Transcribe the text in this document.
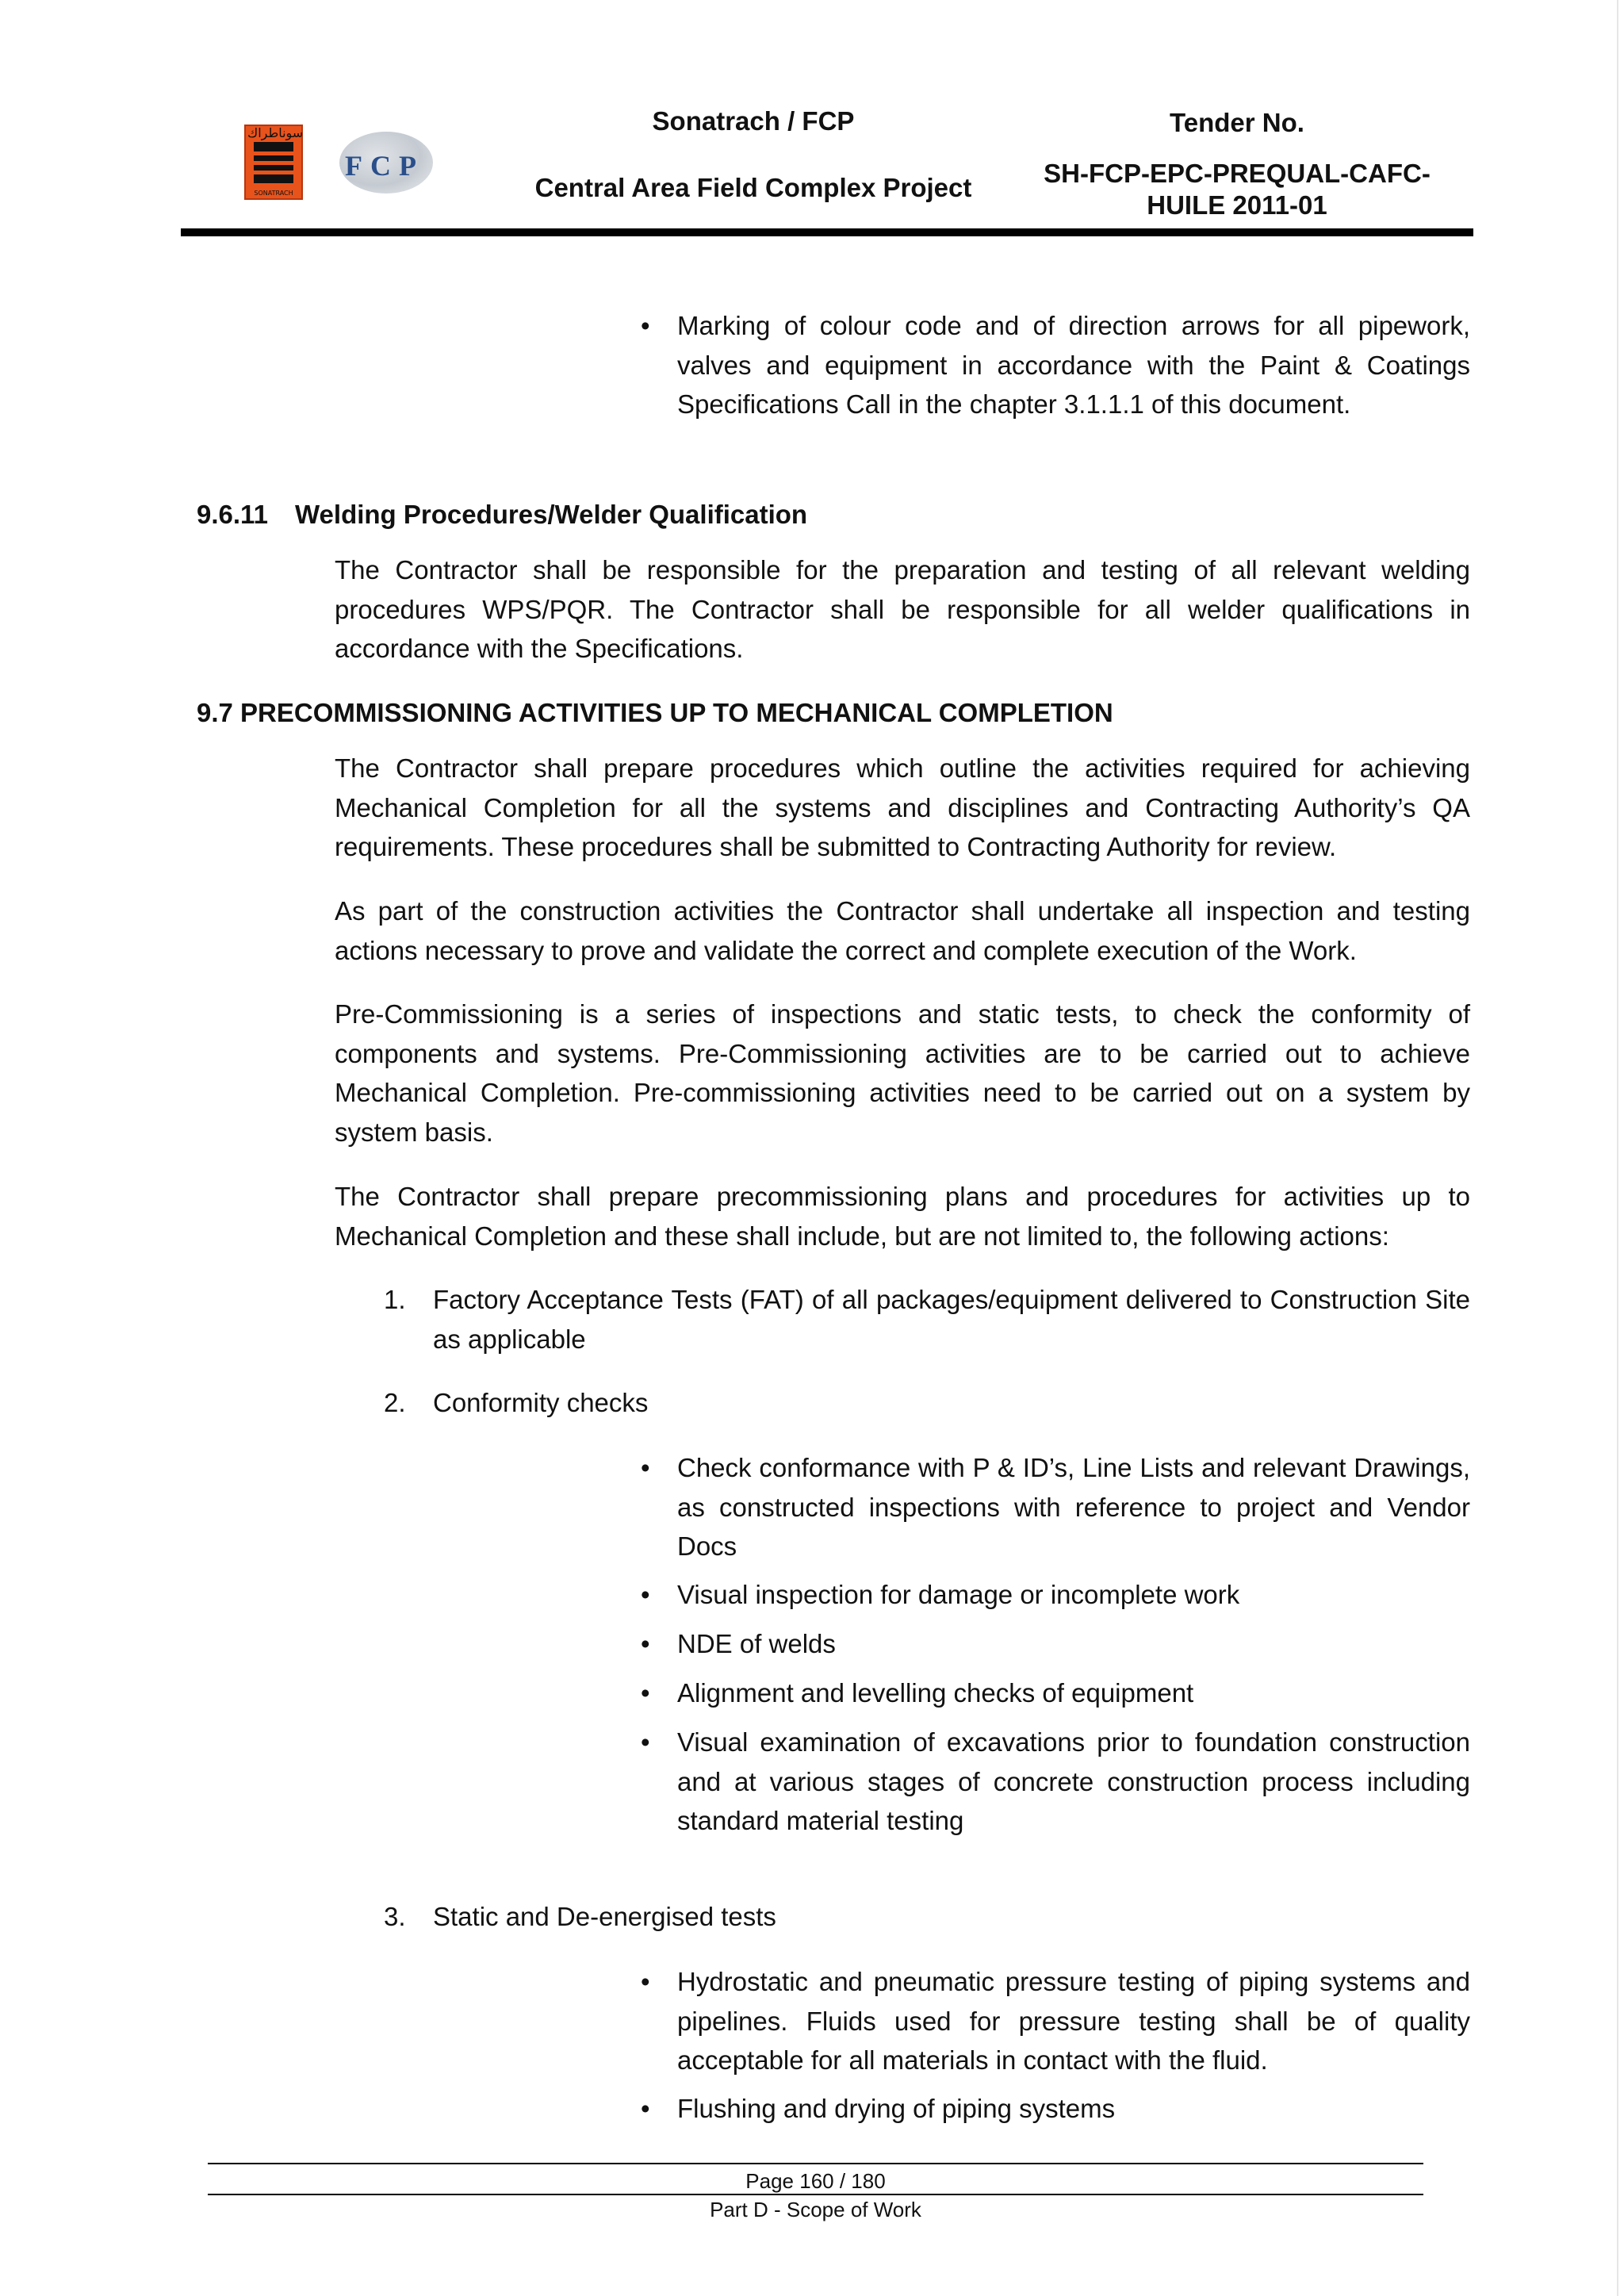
سوناطراك
SONATRACH
FCP
Sonatrach / FCP
Central Area Field Complex Project
Tender No.
SH-FCP-EPC-PREQUAL-CAFC-
HUILE 2011-01
• Marking of colour code and of direction arrows for all pipework, valves and equipment in accordance with the Paint & Coatings Specifications Call in the chapter 3.1.1.1 of this document.
9.6.11 Welding Procedures/Welder Qualification
The Contractor shall be responsible for the preparation and testing of all relevant welding procedures WPS/PQR. The Contractor shall be responsible for all welder qualifications in accordance with the Specifications.
9.7 PRECOMMISSIONING ACTIVITIES UP TO MECHANICAL COMPLETION
The Contractor shall prepare procedures which outline the activities required for achieving Mechanical Completion for all the systems and disciplines and Contracting Authority’s QA requirements. These procedures shall be submitted to Contracting Authority for review.
As part of the construction activities the Contractor shall undertake all inspection and testing actions necessary to prove and validate the correct and complete execution of the Work.
Pre-Commissioning is a series of inspections and static tests, to check the conformity of components and systems. Pre-Commissioning activities are to be carried out to achieve Mechanical Completion. Pre-commissioning activities need to be carried out on a system by system basis.
The Contractor shall prepare precommissioning plans and procedures for activities up to Mechanical Completion and these shall include, but are not limited to, the following actions:
1. Factory Acceptance Tests (FAT) of all packages/equipment delivered to Construction Site as applicable
2. Conformity checks
• Check conformance with P & ID’s, Line Lists and relevant Drawings, as constructed inspections with reference to project and Vendor Docs
• Visual inspection for damage or incomplete work
• NDE of welds
• Alignment and levelling checks of equipment
• Visual examination of excavations prior to foundation construction and at various stages of concrete construction process including standard material testing
3. Static and De-energised tests
• Hydrostatic and pneumatic pressure testing of piping systems and pipelines. Fluids used for pressure testing shall be of quality acceptable for all materials in contact with the fluid.
• Flushing and drying of piping systems
Page 160 / 180
Part D - Scope of Work
